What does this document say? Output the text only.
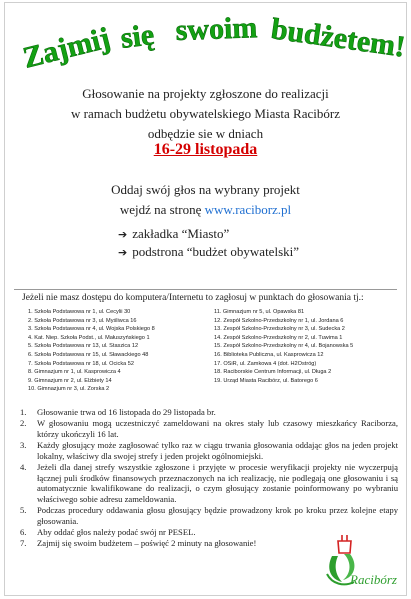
Zajmij się swoim budżetem!
Głosowanie na projekty zgłoszone do realizacji
w ramach budżetu obywatelskiego Miasta Racibórz
odbędzie sie w dniach
16-29 listopada
Oddaj swój głos na wybrany projekt
wejdź na stronę www.raciborz.pl
➔ zakładka “Miasto”
➔ podstrona “budżet obywatelski”
Jeżeli nie masz dostępu do komputera/Internetu to zagłosuj w punktach do głosowania tj.:
1. Szkoła Podstawowa nr 1, ul. Cecylii 30
2. Szkoła Podstawowa nr 3, ul. Myśliwca 16
3. Szkoła Podstawowa nr 4, ul. Wojska Polskiego 8
4. Kat. Niep. Szkoła Podst., ul. Małuszyńskiego 1
5. Szkoła Podstawowa nr 13, ul. Staszica 12
6. Szkoła Podstawowa nr 15, ul. Sławackiego 48
7. Szkoła Podstawowa nr 18, ul. Ocicka 52
8. Gimnazjum nr 1, ul. Kasprowicza 4
9. Gimnazjum nr 2, ul. Elżbiety 14
10. Gimnazjum nr 3, ul. Zorska 2
11. Gimnazjum nr 5, ul. Opawska 81
12. Zespół Szkolno-Przedszkolny nr 1, ul. Jordana 6
13. Zespół Szkolno-Przedszkolny nr 3, ul. Sudecka 2
14. Zespół Szkolno-Przedszkolny nr 2, ul. Tuwima 1
15. Zespół Szkolno-Przedszkolny nr 4, ul. Bojanowska 5
16. Biblioteka Publiczna, ul. Kasprowicza 12
17. OSiR, ul. Zamkowa 4 (dot. H2Ostróg)
18. Raciborskie Centrum Informacji, ul. Długa 2
19. Urząd Miasta Racibórz, ul. Batorego 6
1. Głosowanie trwa od 16 listopada do 29 listopada br.
2. W głosowaniu mogą uczestniczyć zameldowani na okres stały lub czasowy mieszkańcy Raciborza, którzy ukończyli 16 lat.
3. Każdy głosujący może zagłosować tylko raz w ciągu trwania głosowania oddając głos na jeden projekt lokalny, właściwy dla swojej strefy i jeden projekt ogólnomiejski.
4. Jeżeli dla danej strefy wszystkie zgłoszone i przyjęte w procesie weryfikacji projekty nie wyczerpują łącznej puli środków finansowych przeznaczonych na ich realizację, nie podlegają one głosowaniu i są automatycznie kwalifikowane do realizacji, o czym głosujący zostanie poinformowany po wybraniu właściwego sobie adresu zameldowania.
5. Podczas procedury oddawania głosu głosujący będzie prowadzony krok po kroku przez kolejne etapy głosowania.
6. Aby oddać głos należy podać swój nr PESEL.
7. Zajmij się swoim budżetem – poświęć 2 minuty na głosowanie!
Racibórz
